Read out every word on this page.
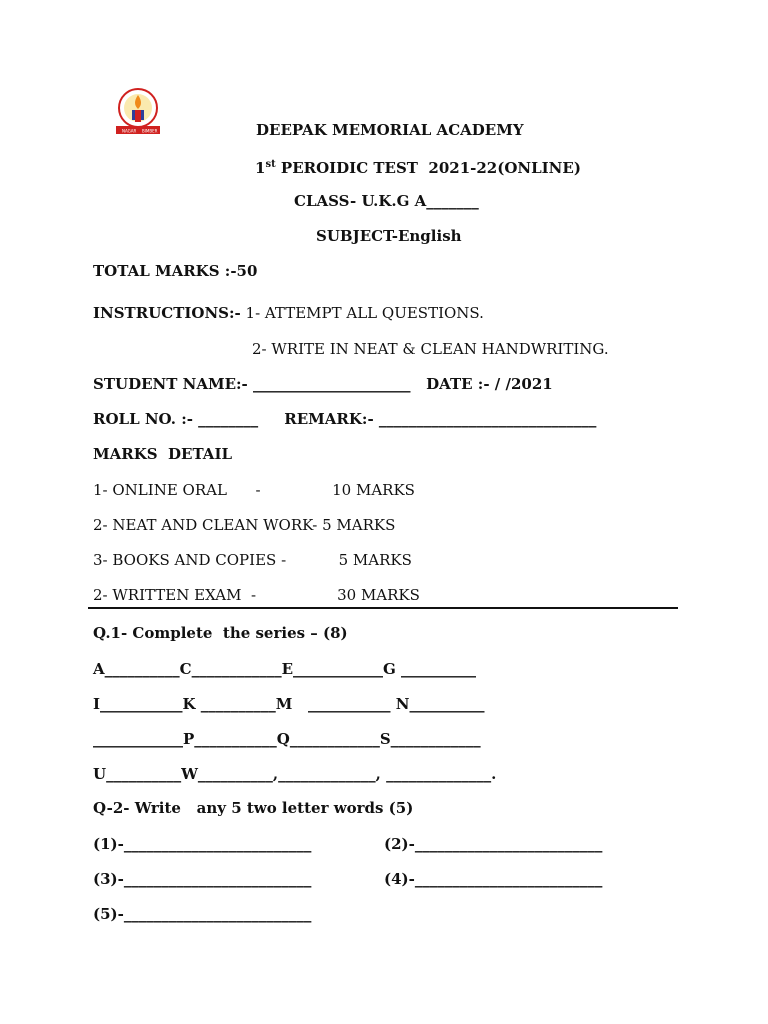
NAGAR BIMBER	DEEPAK MEMORIAL ACADEMY
1st PEROIDIC TEST  2021-22(ONLINE)
CLASS- U.K.G A_______
SUBJECT-English
TOTAL MARKS :-50
INSTRUCTIONS:- 1- ATTEMPT ALL QUESTIONS.
2- WRITE IN NEAT & CLEAN HANDWRITING.
STUDENT NAME:- _____________________   DATE :- / /2021
ROLL NO. :- ________     REMARK:- _____________________________
MARKS  DETAIL
1- ONLINE ORAL      -               10 MARKS
2- NEAT AND CLEAN WORK- 5 MARKS
3- BOOKS AND COPIES -           5 MARKS
2- WRITTEN EXAM  -                 30 MARKS
Q.1- Complete  the series – (8)
A__________C____________E____________G __________
I___________K __________M   ___________ N__________
____________P___________Q____________S____________
U__________W__________,_____________, ______________.
Q-2- Write   any 5 two letter words (5)
(1)-_________________________	(2)-_________________________
(3)-_________________________	(4)-_________________________
(5)-_________________________
